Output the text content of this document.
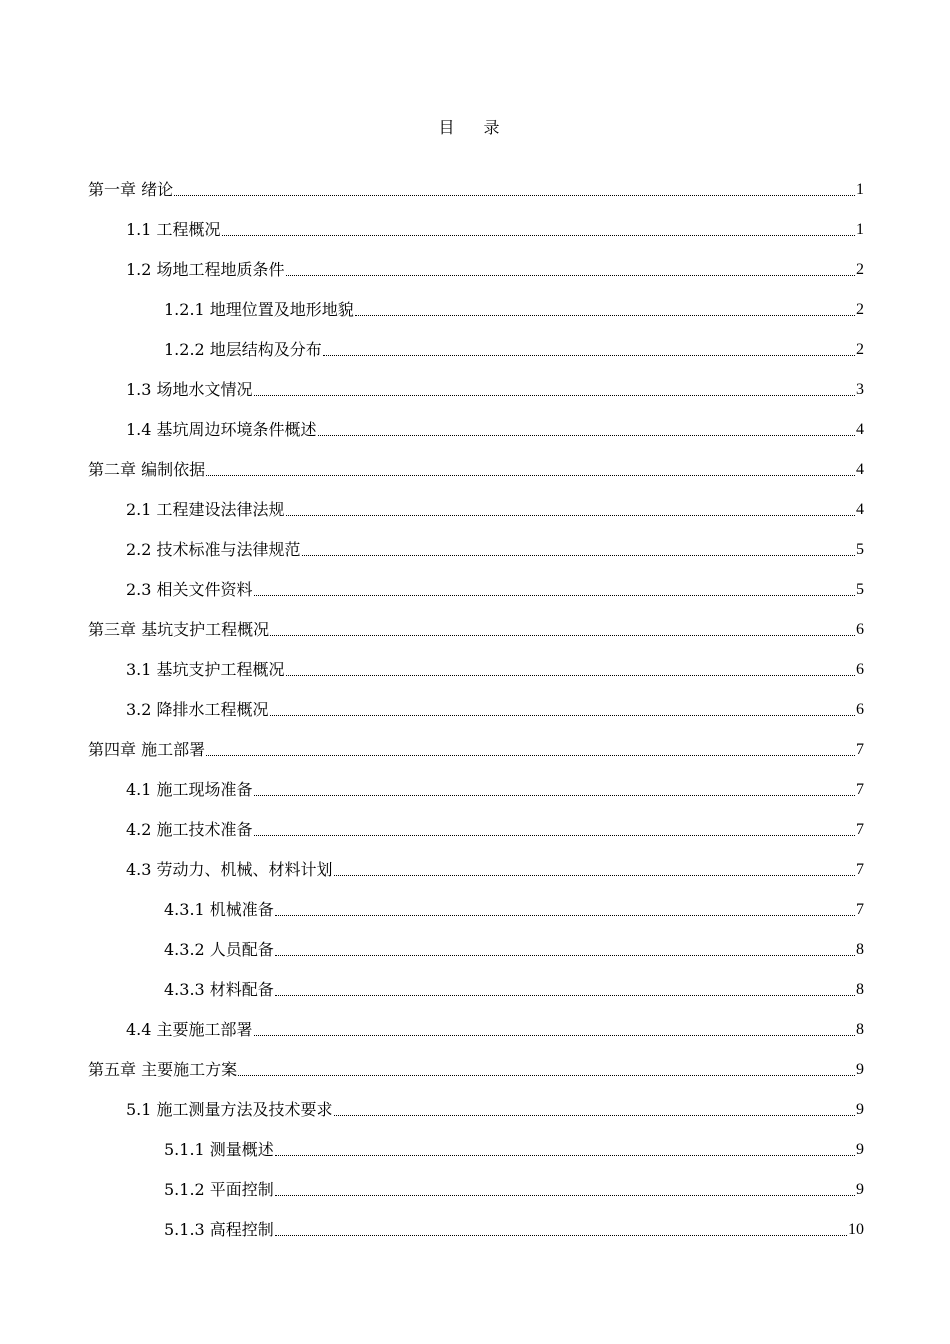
目 录
第一章 绪论	1
1.1 工程概况	1
1.2 场地工程地质条件	2
1.2.1 地理位置及地形地貌	2
1.2.2 地层结构及分布	2
1.3 场地水文情况	3
1.4 基坑周边环境条件概述	4
第二章 编制依据	4
2.1 工程建设法律法规	4
2.2 技术标准与法律规范	5
2.3 相关文件资料	5
第三章 基坑支护工程概况	6
3.1 基坑支护工程概况	6
3.2 降排水工程概况	6
第四章 施工部署	7
4.1 施工现场准备	7
4.2 施工技术准备	7
4.3 劳动力、机械、材料计划	7
4.3.1 机械准备	7
4.3.2 人员配备	8
4.3.3 材料配备	8
4.4 主要施工部署	8
第五章 主要施工方案	9
5.1 施工测量方法及技术要求	9
5.1.1 测量概述	9
5.1.2 平面控制	9
5.1.3 高程控制	10
